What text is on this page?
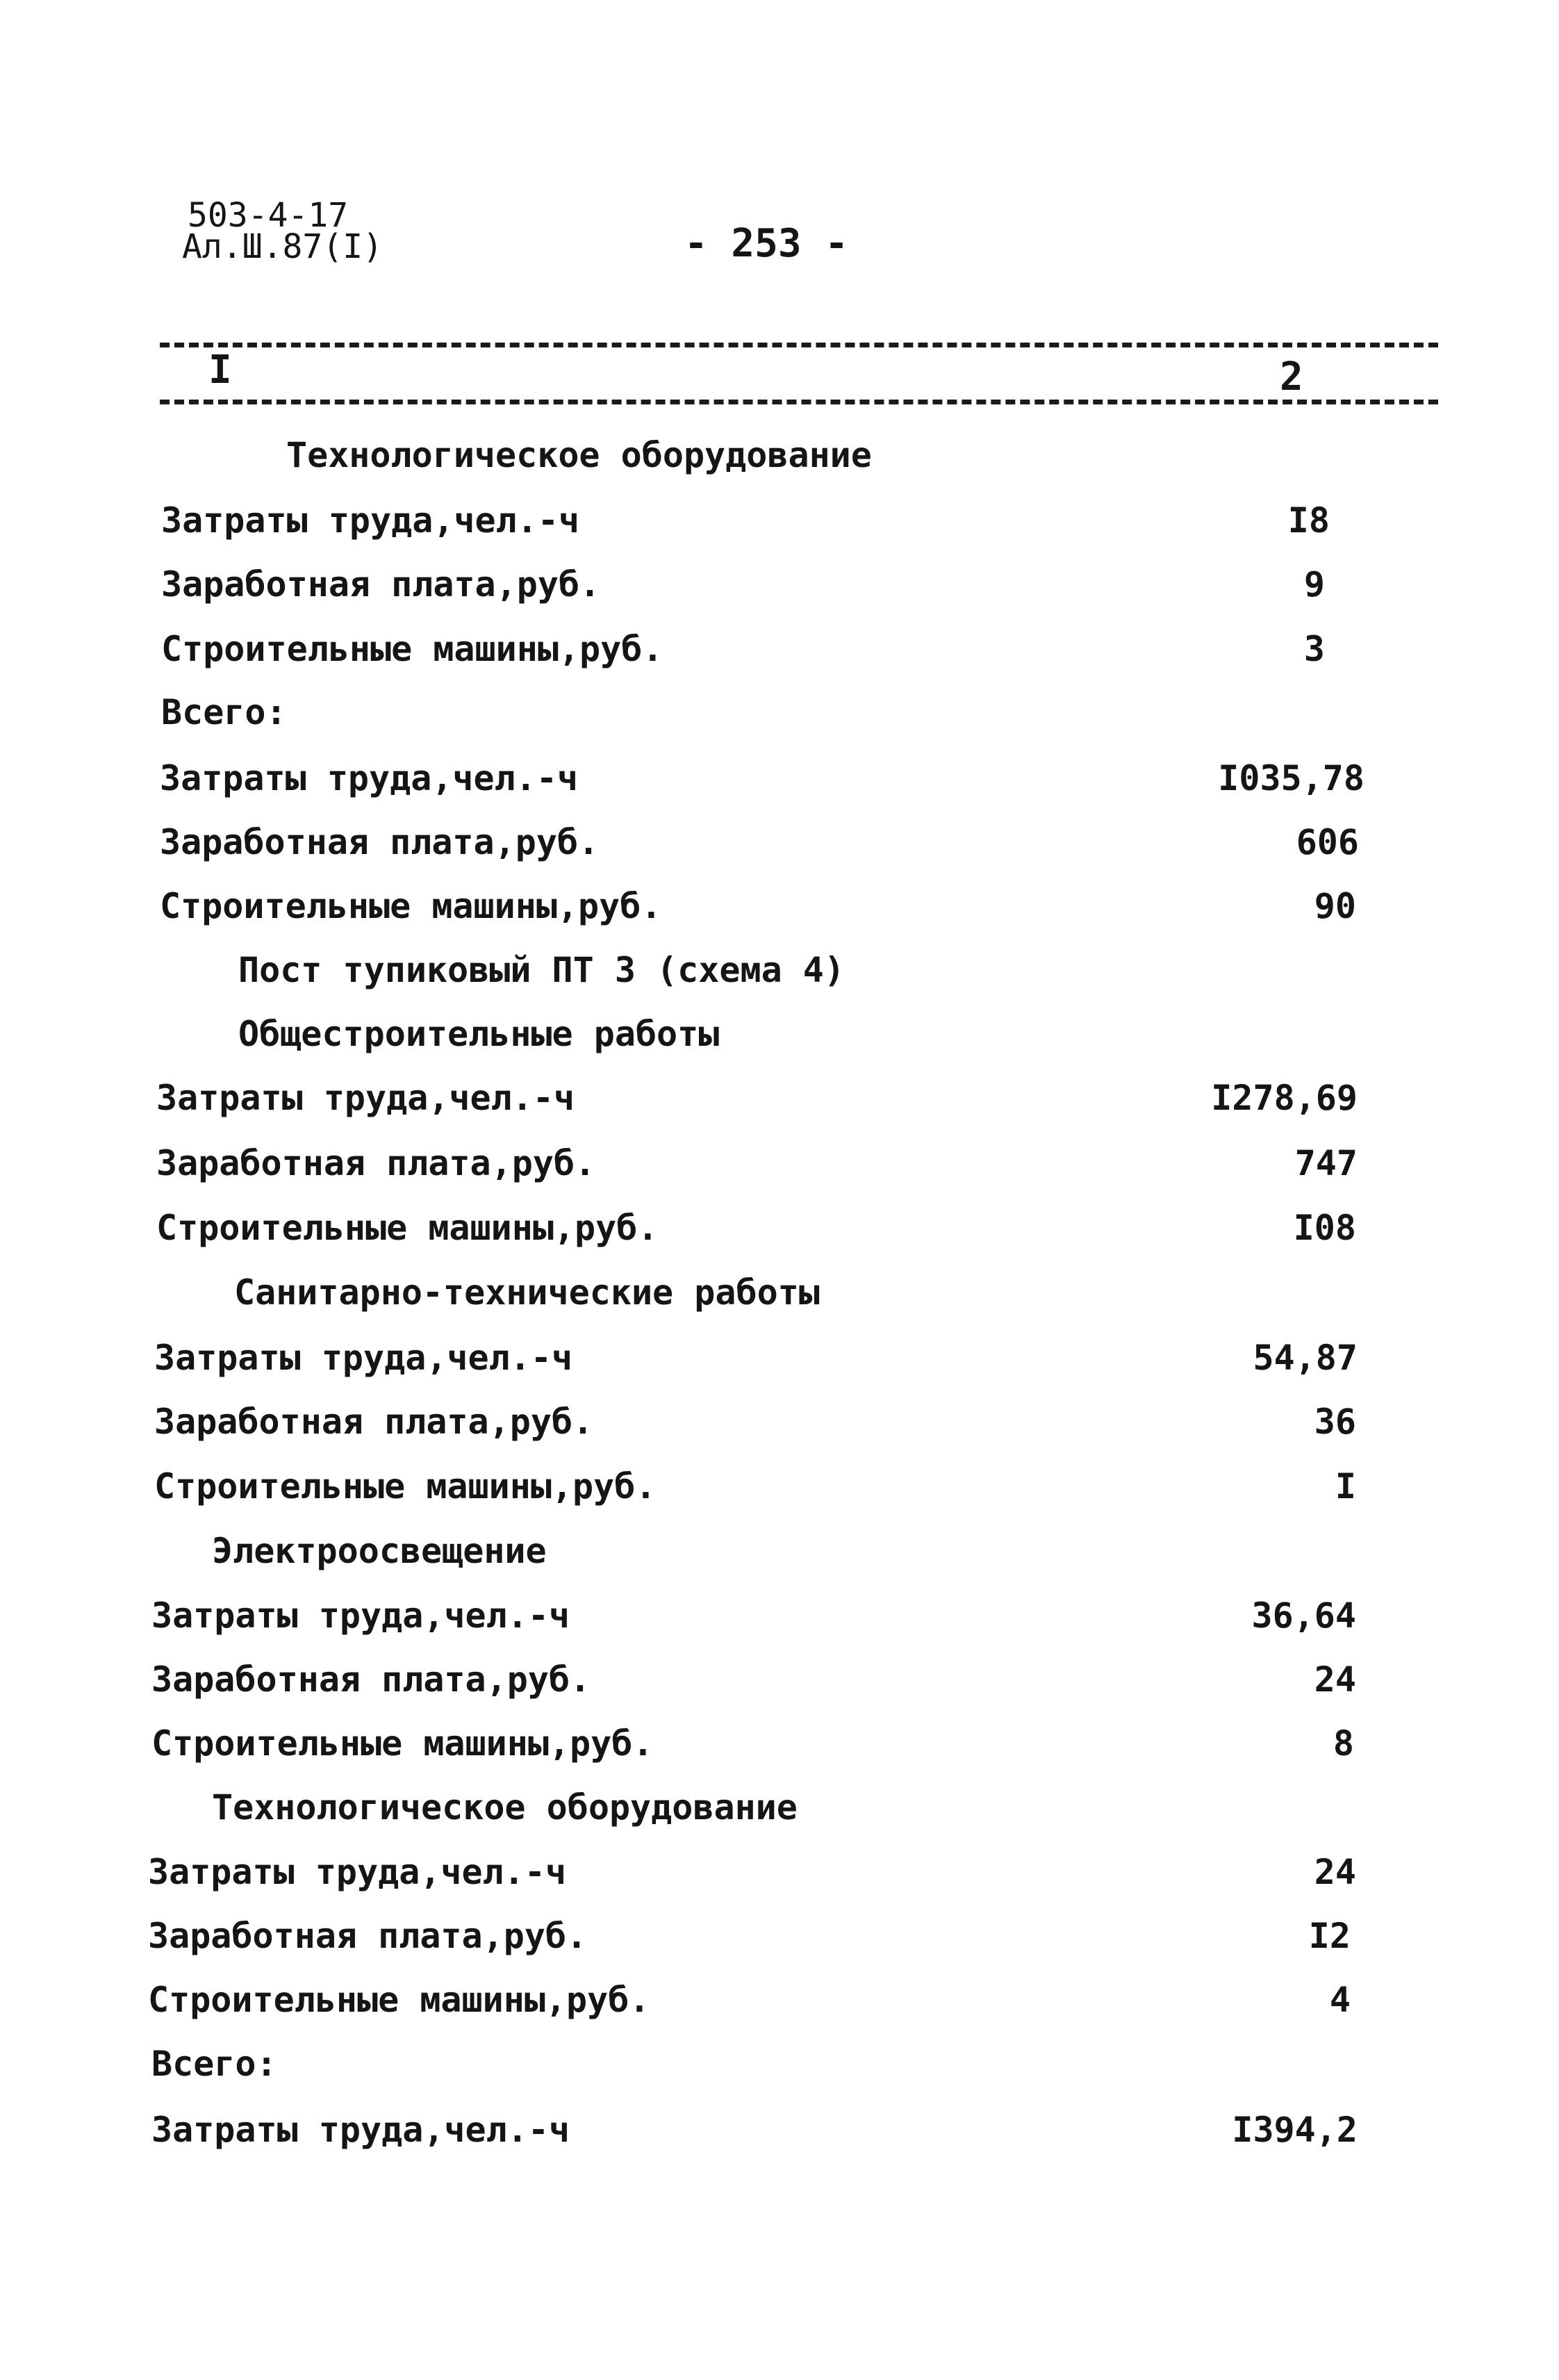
503-4-17
Ал.Ш.87(I)	- 253 -
I	2
Технологическое оборудование
Затраты труда,чел.-ч	I8
Заработная плата,руб.	9
Строительные машины,руб.	3
Всего:
Затраты труда,чел.-ч	I035,78
Заработная плата,руб.	606
Строительные машины,руб.	90
Пост тупиковый ПТ 3 (схема 4)
Общестроительные работы
Затраты труда,чел.-ч	I278,69
Заработная плата,руб.	747
Строительные машины,руб.	I08
Санитарно-технические работы
Затраты труда,чел.-ч	54,87
Заработная плата,руб.	36
Строительные машины,руб.	I
Электроосвещение
Затраты труда,чел.-ч	36,64
Заработная плата,руб.	24
Строительные машины,руб.	8
Технологическое оборудование
Затраты труда,чел.-ч	24
Заработная плата,руб.	I2
Строительные машины,руб.	4
Всего:
Затраты труда,чел.-ч	I394,2
